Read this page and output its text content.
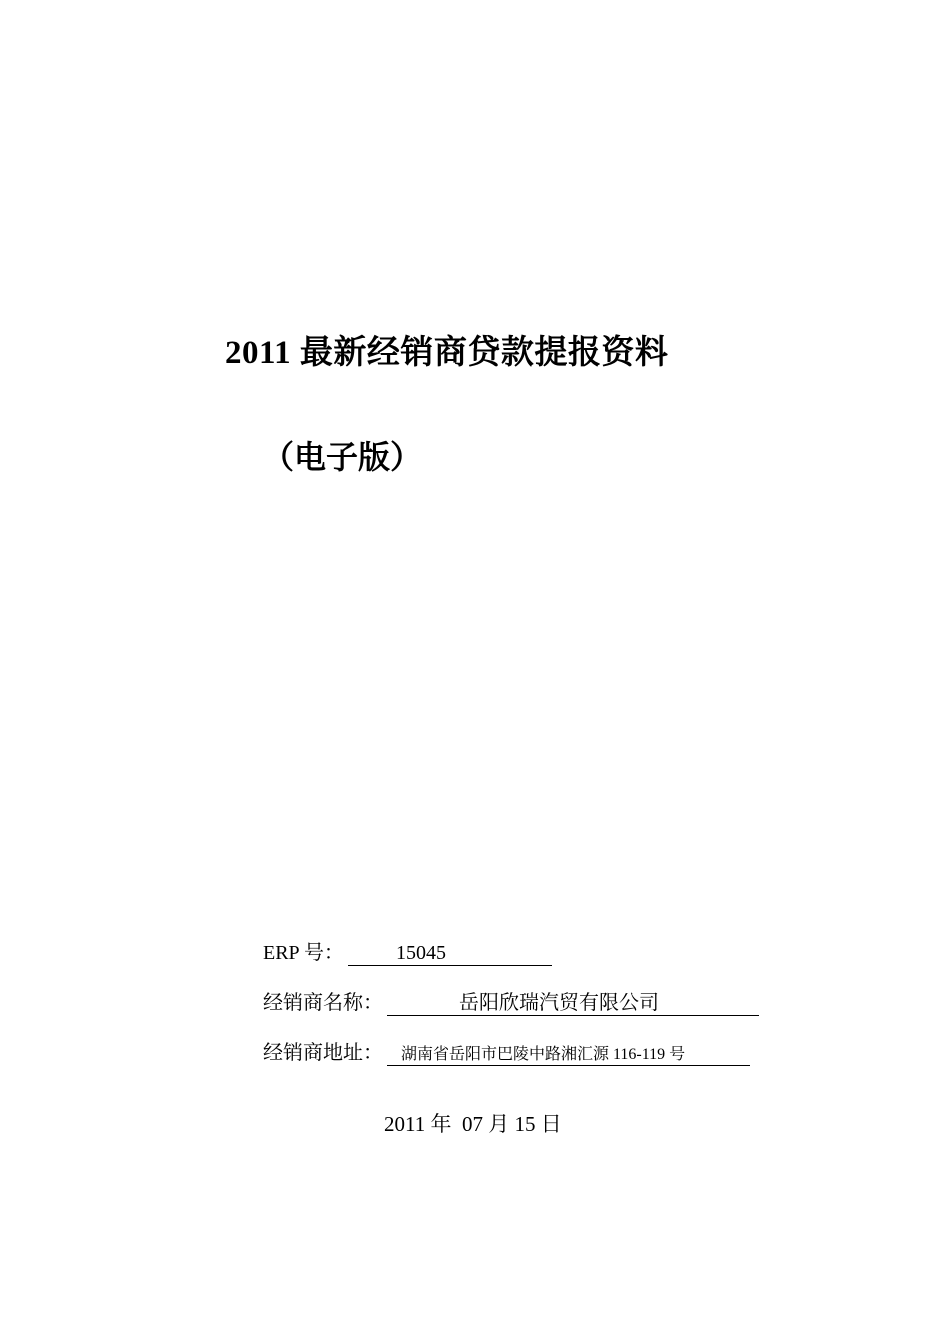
2011 最新经销商贷款提报资料
（电子版）
ERP 号：	15045
经销商名称：	岳阳欣瑞汽贸有限公司
经销商地址：	湖南省岳阳市巴陵中路湘汇源 116-119 号
2011 年  07 月 15 日
